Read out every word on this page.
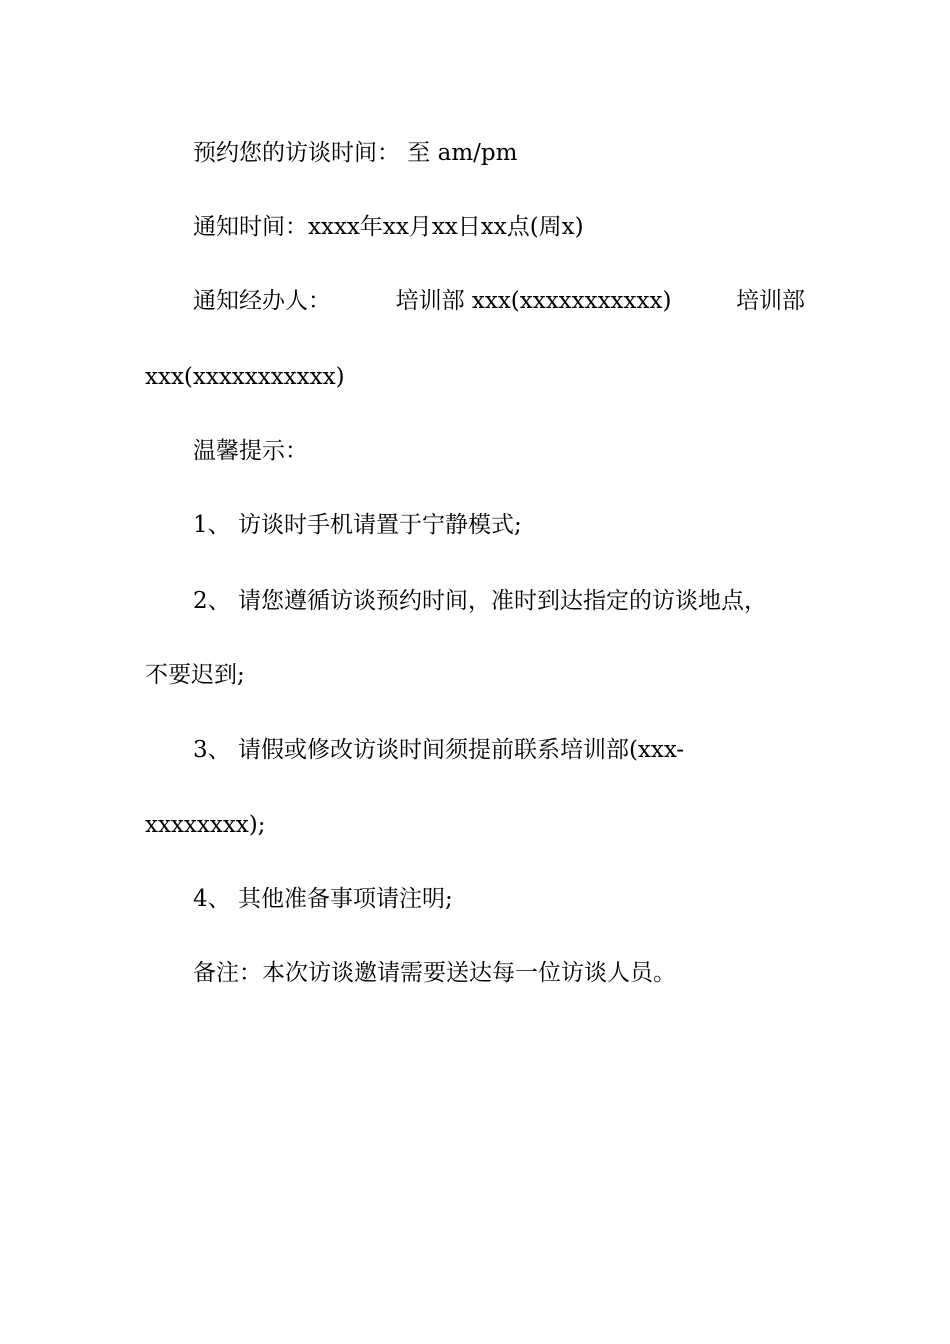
预约您的访谈时间： 至 am/pm
通知时间：xxxx年xx月xx日xx点(周x)
通知经办人：	培训部 xxx(xxxxxxxxxxx)	培训部
xxx(xxxxxxxxxxx)
温馨提示：
1、 访谈时手机请置于宁静模式;
2、 请您遵循访谈预约时间，准时到达指定的访谈地点，
不要迟到;
3、 请假或修改访谈时间须提前联系培训部(xxx-
xxxxxxxx);
4、 其他准备事项请注明;
备注：本次访谈邀请需要送达每一位访谈人员。
